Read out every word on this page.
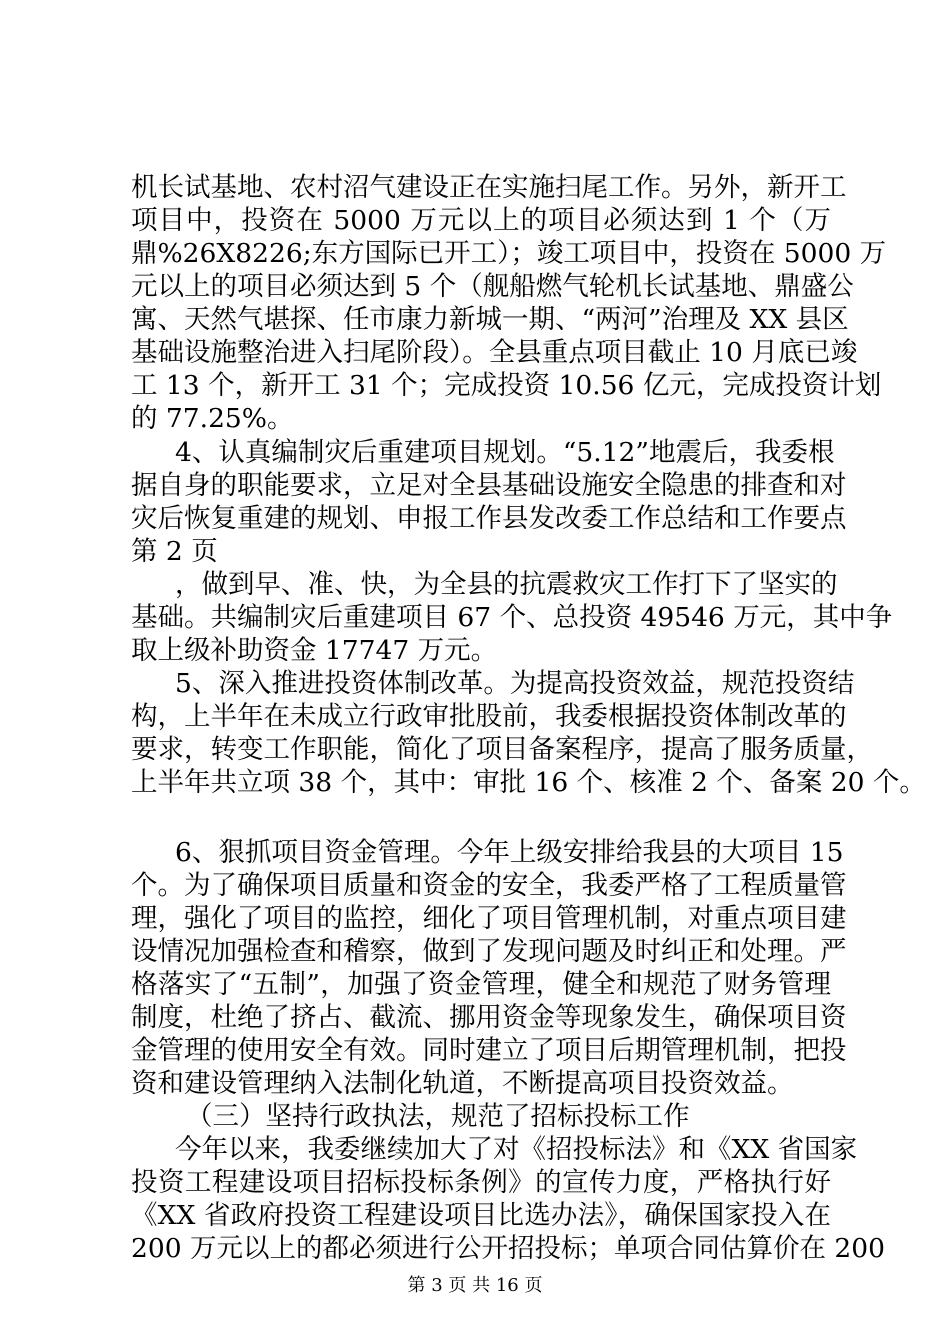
机长试基地、农村沼气建设正在实施扫尾工作。另外，新开工
项目中，投资在 5000 万元以上的项目必须达到 1 个（万
鼎%26X8226;东方国际已开工）；竣工项目中，投资在 5000 万
元以上的项目必须达到 5 个（舰船燃气轮机长试基地、鼎盛公
寓、天然气堪探、任市康力新城一期、“两河”治理及 XX 县区
基础设施整治进入扫尾阶段）。全县重点项目截止 10 月底已竣
工 13 个，新开工 31 个；完成投资 10.56 亿元，完成投资计划
的 77.25%。
4、认真编制灾后重建项目规划。“5.12”地震后，我委根
据自身的职能要求，立足对全县基础设施安全隐患的排查和对
灾后恢复重建的规划、申报工作县发改委工作总结和工作要点
第 2 页
，做到早、准、快，为全县的抗震救灾工作打下了坚实的
基础。共编制灾后重建项目 67 个、总投资 49546 万元，其中争
取上级补助资金 17747 万元。
5、深入推进投资体制改革。为提高投资效益，规范投资结
构，上半年在未成立行政审批股前，我委根据投资体制改革的
要求，转变工作职能，简化了项目备案程序，提高了服务质量，
上半年共立项 38 个，其中：审批 16 个、核准 2 个、备案 20 个。
6、狠抓项目资金管理。今年上级安排给我县的大项目 15
个。为了确保项目质量和资金的安全，我委严格了工程质量管
理，强化了项目的监控，细化了项目管理机制，对重点项目建
设情况加强检查和稽察，做到了发现问题及时纠正和处理。严
格落实了“五制”，加强了资金管理，健全和规范了财务管理
制度，杜绝了挤占、截流、挪用资金等现象发生，确保项目资
金管理的使用安全有效。同时建立了项目后期管理机制，把投
资和建设管理纳入法制化轨道，不断提高项目投资效益。
（三）坚持行政执法，规范了招标投标工作
今年以来，我委继续加大了对《招投标法》和《XX 省国家
投资工程建设项目招标投标条例》的宣传力度，严格执行好
《XX 省政府投资工程建设项目比选办法》，确保国家投入在
200 万元以上的都必须进行公开招投标；单项合同估算价在 200
第 3 页 共 16 页
